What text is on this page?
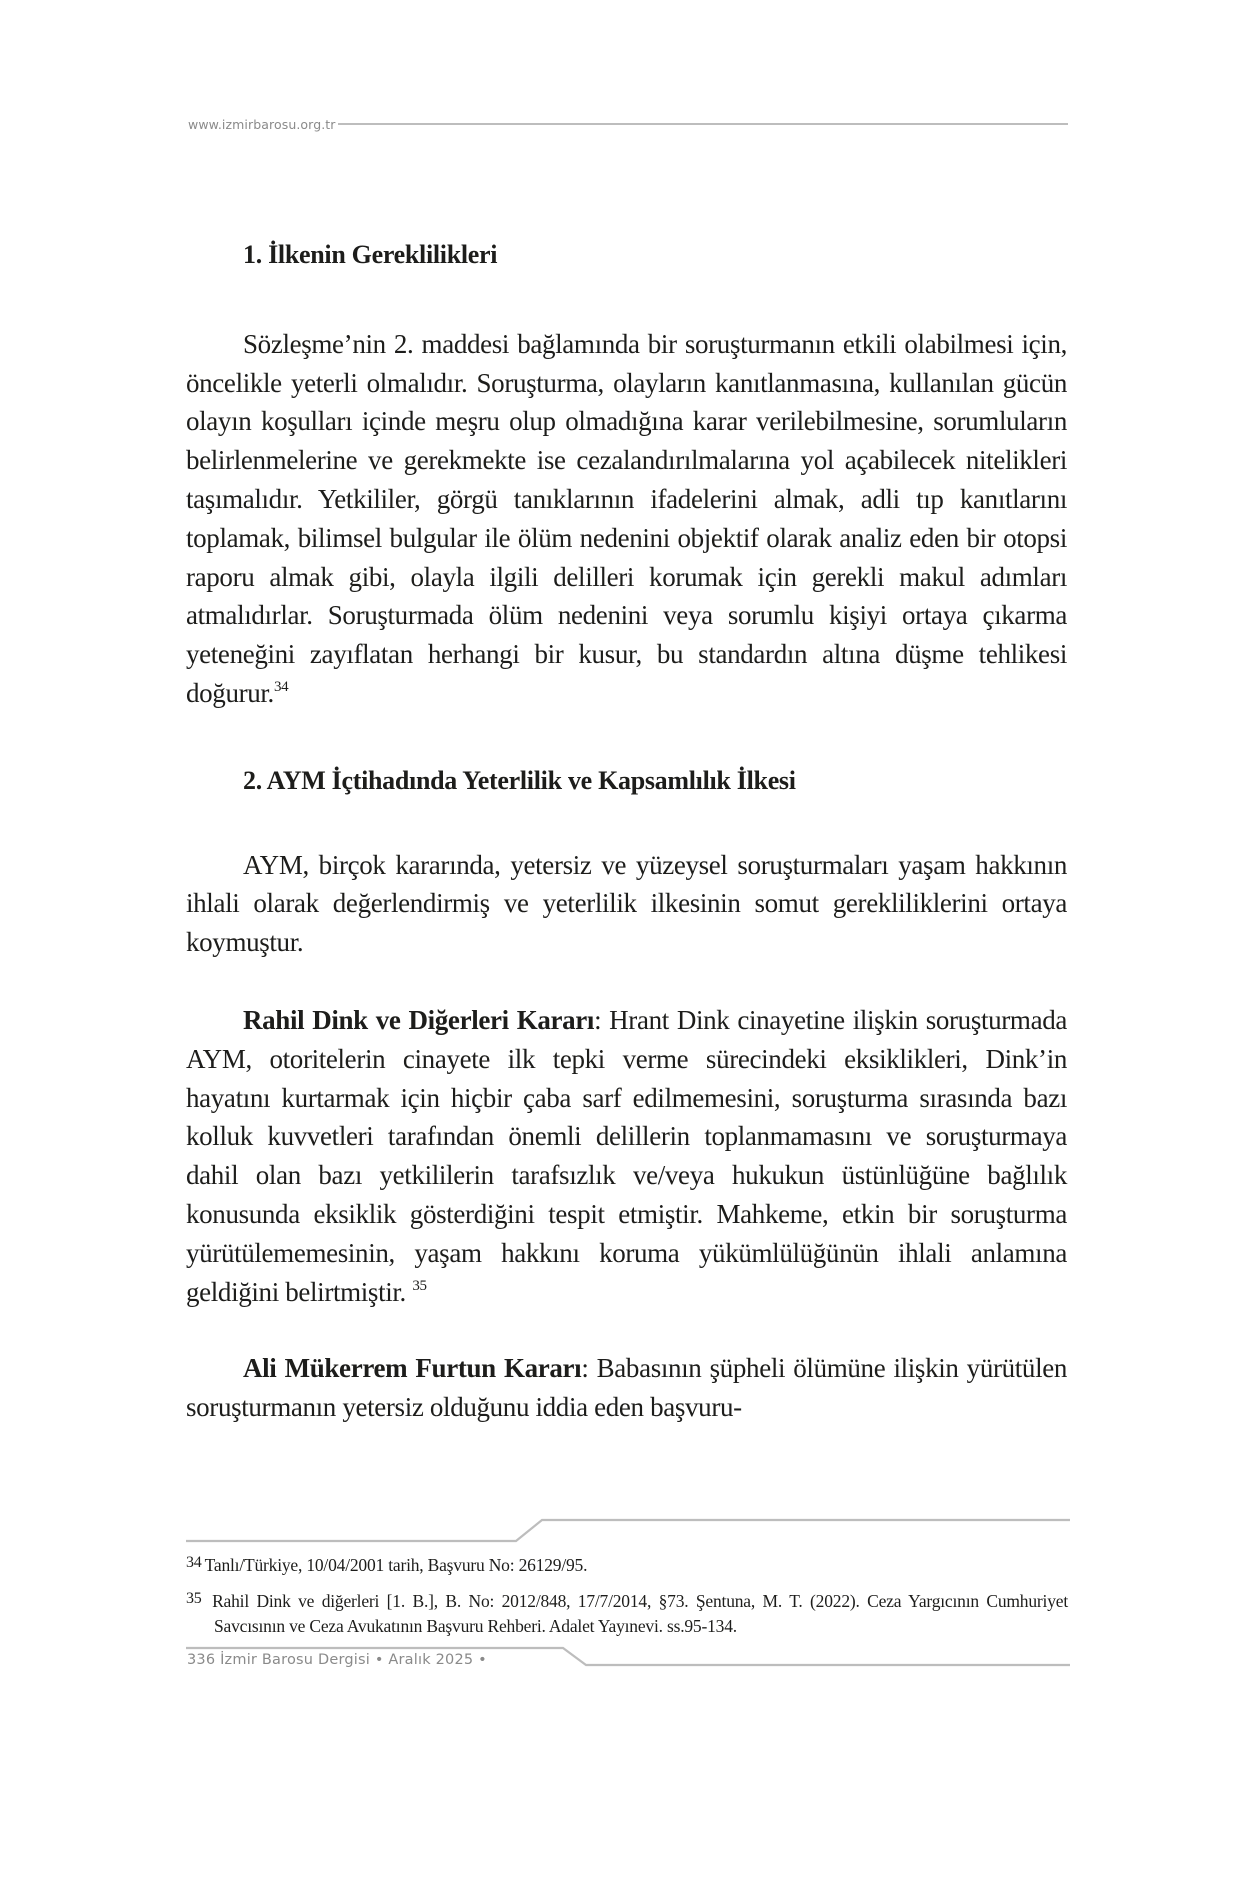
www.izmirbarosu.org.tr
1. İlkenin Gereklilikleri

Sözleşme’nin 2. maddesi bağlamında bir soruşturmanın etkili olabilmesi için, öncelikle yeterli olmalıdır. Soruşturma, olayların kanıtlanmasına, kullanılan gücün olayın koşulları içinde meşru olup olmadığına karar verilebilmesine, sorumluların belirlenmelerine ve gerekmekte ise cezalandırılmalarına yol açabilecek nitelikleri taşımalıdır. Yetkililer, görgü tanıklarının ifadelerini almak, adli tıp kanıtlarını toplamak, bilimsel bulgular ile ölüm nedenini objektif olarak analiz eden bir otopsi raporu almak gibi, olayla ilgili delilleri korumak için gerekli makul adımları atmalıdırlar. Soruşturmada ölüm nedenini veya sorumlu kişiyi ortaya çıkarma yeteneğini zayıflatan herhangi bir kusur, bu standardın altına düşme tehlikesi doğurur.$^{34}$

2. AYM İçtihadında Yeterlilik ve Kapsamlılık İlkesi

AYM, birçok kararında, yetersiz ve yüzeysel soruşturmaları yaşam hakkının ihlali olarak değerlendirmiş ve yeterlilik ilkesinin somut gerekliliklerini ortaya koymuştur.

Rahil Dink ve Diğerleri Kararı: Hrant Dink cinayetine ilişkin soruşturmada AYM, otoritelerin cinayete ilk tepki verme sürecindeki eksiklikleri, Dink’in hayatını kurtarmak için hiçbir çaba sarf edilmemesini, soruşturma sırasında bazı kolluk kuvvetleri tarafından önemli delillerin toplanmamasını ve soruşturmaya dahil olan bazı yetkililerin tarafsızlık ve/veya hukukun üstünlüğüne bağlılık konusunda eksiklik gösterdiğini tespit etmiştir. Mahkeme, etkin bir soruşturma yürütülememesinin, yaşam hakkını koruma yükümlülüğünün ihlali anlamına geldiğini belirtmiştir. $^{35}$

Ali Mükerrem Furtun Kararı: Babasının şüpheli ölümüne ilişkin yürütülen soruşturmanın yetersiz olduğunu iddia eden başvuru-

34 Tanlı/Türkiye, 10/04/2001 tarih, Başvuru No: 26129/95.

35 Rahil Dink ve diğerleri [1. B.], B. No: 2012/848, 17/7/2014, §73. Şentuna, M. T. (2022). Ceza Yargıcının Cumhuriyet Savcısının ve Ceza Avukatının Başvuru Rehberi. Adalet Yayınevi. ss.95-134.

336 İzmir Barosu Dergisi • Aralık 2025 •
